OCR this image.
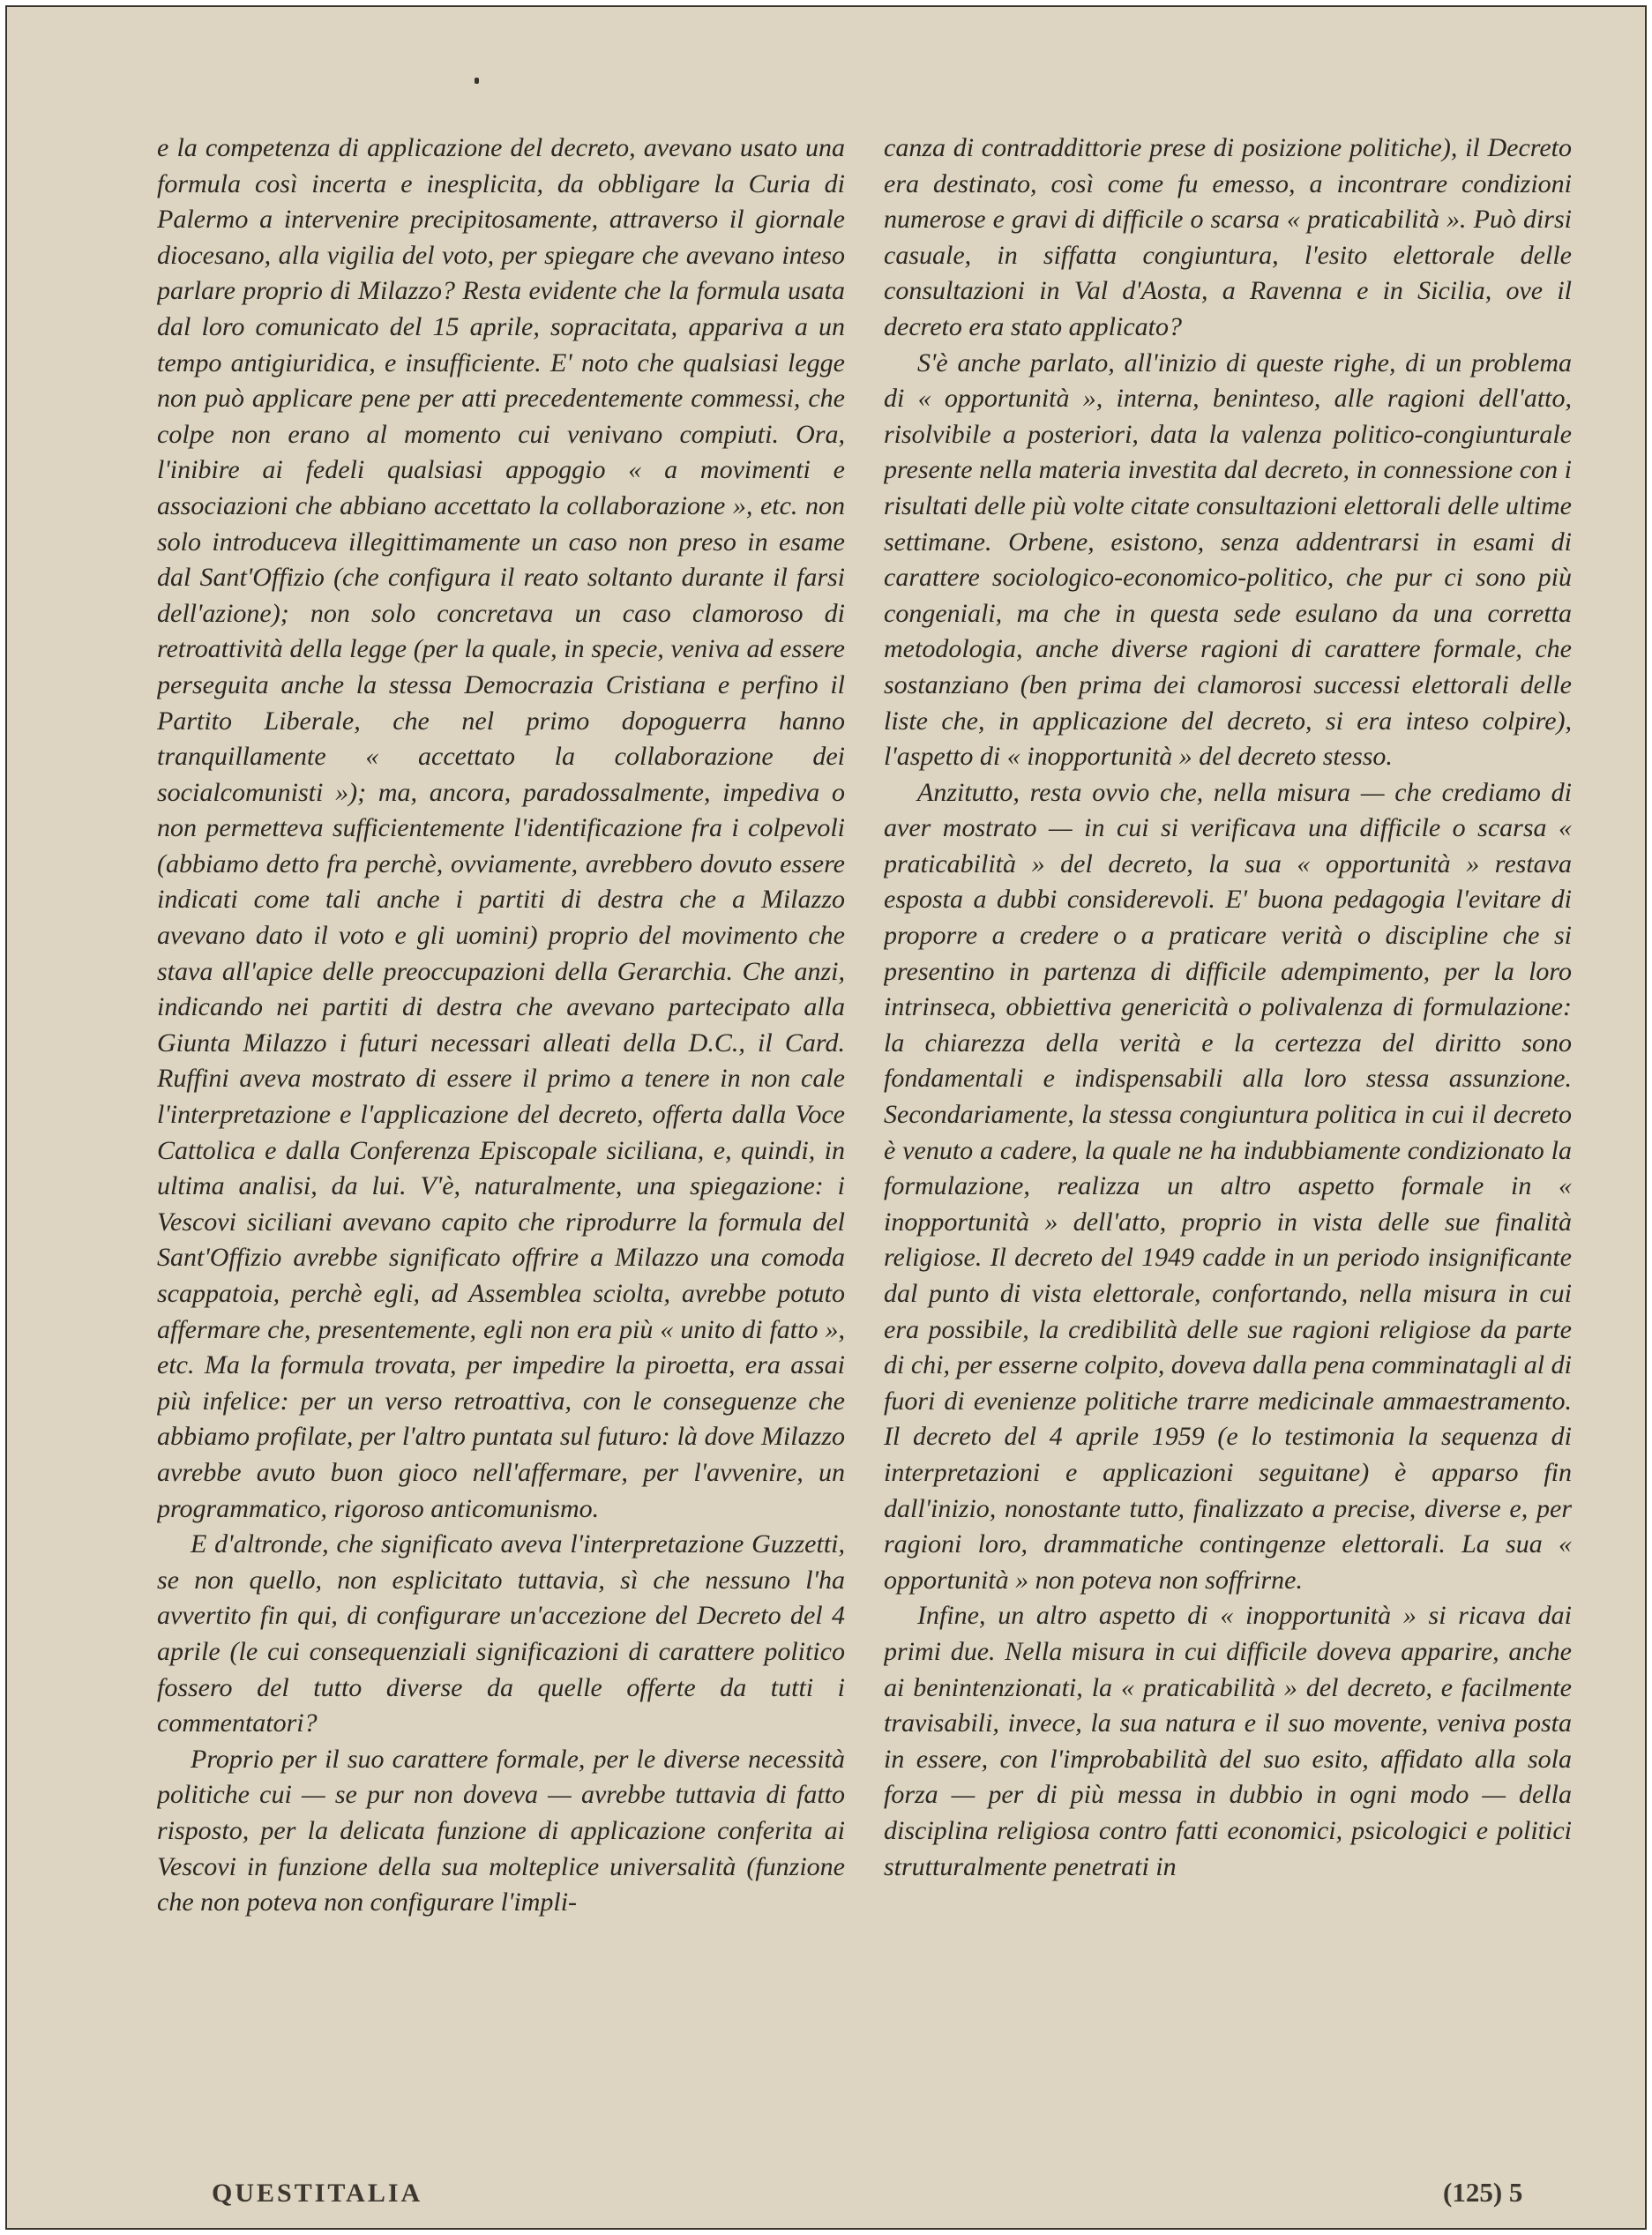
e la competenza di applicazione del decreto, avevano usato una formula così incerta e inesplicita, da obbligare la Curia di Palermo a intervenire precipitosamente, attraverso il giornale diocesano, alla vigilia del voto, per spiegare che avevano inteso parlare proprio di Milazzo? Resta evidente che la formula usata dal loro comunicato del 15 aprile, sopracitata, appariva a un tempo antigiuridica, e insufficiente. E' noto che qualsiasi legge non può applicare pene per atti precedentemente commessi, che colpe non erano al momento cui venivano compiuti. Ora, l'inibire ai fedeli qualsiasi appoggio « a movimenti e associazioni che abbiano accettato la collaborazione », etc. non solo introduceva illegittimamente un caso non preso in esame dal Sant'Offizio (che configura il reato soltanto durante il farsi dell'azione); non solo concretava un caso clamoroso di retroattività della legge (per la quale, in specie, veniva ad essere perseguita anche la stessa Democrazia Cristiana e perfino il Partito Liberale, che nel primo dopoguerra hanno tranquillamente « accettato la collaborazione dei socialcomunisti »); ma, ancora, paradossalmente, impediva o non permetteva sufficientemente l'identificazione fra i colpevoli (abbiamo detto fra perchè, ovviamente, avrebbero dovuto essere indicati come tali anche i partiti di destra che a Milazzo avevano dato il voto e gli uomini) proprio del movimento che stava all'apice delle preoccupazioni della Gerarchia. Che anzi, indicando nei partiti di destra che avevano partecipato alla Giunta Milazzo i futuri necessari alleati della D.C., il Card. Ruffini aveva mostrato di essere il primo a tenere in non cale l'interpretazione e l'applicazione del decreto, offerta dalla Voce Cattolica e dalla Conferenza Episcopale siciliana, e, quindi, in ultima analisi, da lui. V'è, naturalmente, una spiegazione: i Vescovi siciliani avevano capito che riprodurre la formula del Sant'Offizio avrebbe significato offrire a Milazzo una comoda scappatoia, perchè egli, ad Assemblea sciolta, avrebbe potuto affermare che, presentemente, egli non era più « unito di fatto », etc. Ma la formula trovata, per impedire la piroetta, era assai più infelice: per un verso retroattiva, con le conseguenze che abbiamo profilate, per l'altro puntata sul futuro: là dove Milazzo avrebbe avuto buon gioco nell'affermare, per l'avvenire, un programmatico, rigoroso anticomunismo.

E d'altronde, che significato aveva l'interpretazione Guzzetti, se non quello, non esplicitato tuttavia, sì che nessuno l'ha avvertito fin qui, di configurare un'accezione del Decreto del 4 aprile (le cui consequenziali significazioni di carattere politico fossero del tutto diverse da quelle offerte da tutti i commentatori?

Proprio per il suo carattere formale, per le diverse necessità politiche cui — se pur non doveva — avrebbe tuttavia di fatto risposto, per la delicata funzione di applicazione conferita ai Vescovi in funzione della sua molteplice universalità (funzione che non poteva non configurare l'impli-

canza di contraddittorie prese di posizione politiche), il Decreto era destinato, così come fu emesso, a incontrare condizioni numerose e gravi di difficile o scarsa « praticabilità ». Può dirsi casuale, in siffatta congiuntura, l'esito elettorale delle consultazioni in Val d'Aosta, a Ravenna e in Sicilia, ove il decreto era stato applicato?

S'è anche parlato, all'inizio di queste righe, di un problema di « opportunità », interna, beninteso, alle ragioni dell'atto, risolvibile a posteriori, data la valenza politico-congiunturale presente nella materia investita dal decreto, in connessione con i risultati delle più volte citate consultazioni elettorali delle ultime settimane. Orbene, esistono, senza addentrarsi in esami di carattere sociologico-economico-politico, che pur ci sono più congeniali, ma che in questa sede esulano da una corretta metodologia, anche diverse ragioni di carattere formale, che sostanziano (ben prima dei clamorosi successi elettorali delle liste che, in applicazione del decreto, si era inteso colpire), l'aspetto di « inopportunità » del decreto stesso.

Anzitutto, resta ovvio che, nella misura — che crediamo di aver mostrato — in cui si verificava una difficile o scarsa « praticabilità » del decreto, la sua « opportunità » restava esposta a dubbi considerevoli. E' buona pedagogia l'evitare di proporre a credere o a praticare verità o discipline che si presentino in partenza di difficile adempimento, per la loro intrinseca, obbiettiva genericità o polivalenza di formulazione: la chiarezza della verità e la certezza del diritto sono fondamentali e indispensabili alla loro stessa assunzione. Secondariamente, la stessa congiuntura politica in cui il decreto è venuto a cadere, la quale ne ha indubbiamente condizionato la formulazione, realizza un altro aspetto formale in « inopportunità » dell'atto, proprio in vista delle sue finalità religiose. Il decreto del 1949 cadde in un periodo insignificante dal punto di vista elettorale, confortando, nella misura in cui era possibile, la credibilità delle sue ragioni religiose da parte di chi, per esserne colpito, doveva dalla pena comminatagli al di fuori di evenienze politiche trarre medicinale ammaestramento. Il decreto del 4 aprile 1959 (e lo testimonia la sequenza di interpretazioni e applicazioni seguitane) è apparso fin dall'inizio, nonostante tutto, finalizzato a precise, diverse e, per ragioni loro, drammatiche contingenze elettorali. La sua « opportunità » non poteva non soffrirne.

Infine, un altro aspetto di « inopportunità » si ricava dai primi due. Nella misura in cui difficile doveva apparire, anche ai benintenzionati, la « praticabilità » del decreto, e facilmente travisabili, invece, la sua natura e il suo movente, veniva posta in essere, con l'improbabilità del suo esito, affidato alla sola forza — per di più messa in dubbio in ogni modo — della disciplina religiosa contro fatti economici, psicologici e politici strutturalmente penetrati in

QUESTITALIA	(125) 5
